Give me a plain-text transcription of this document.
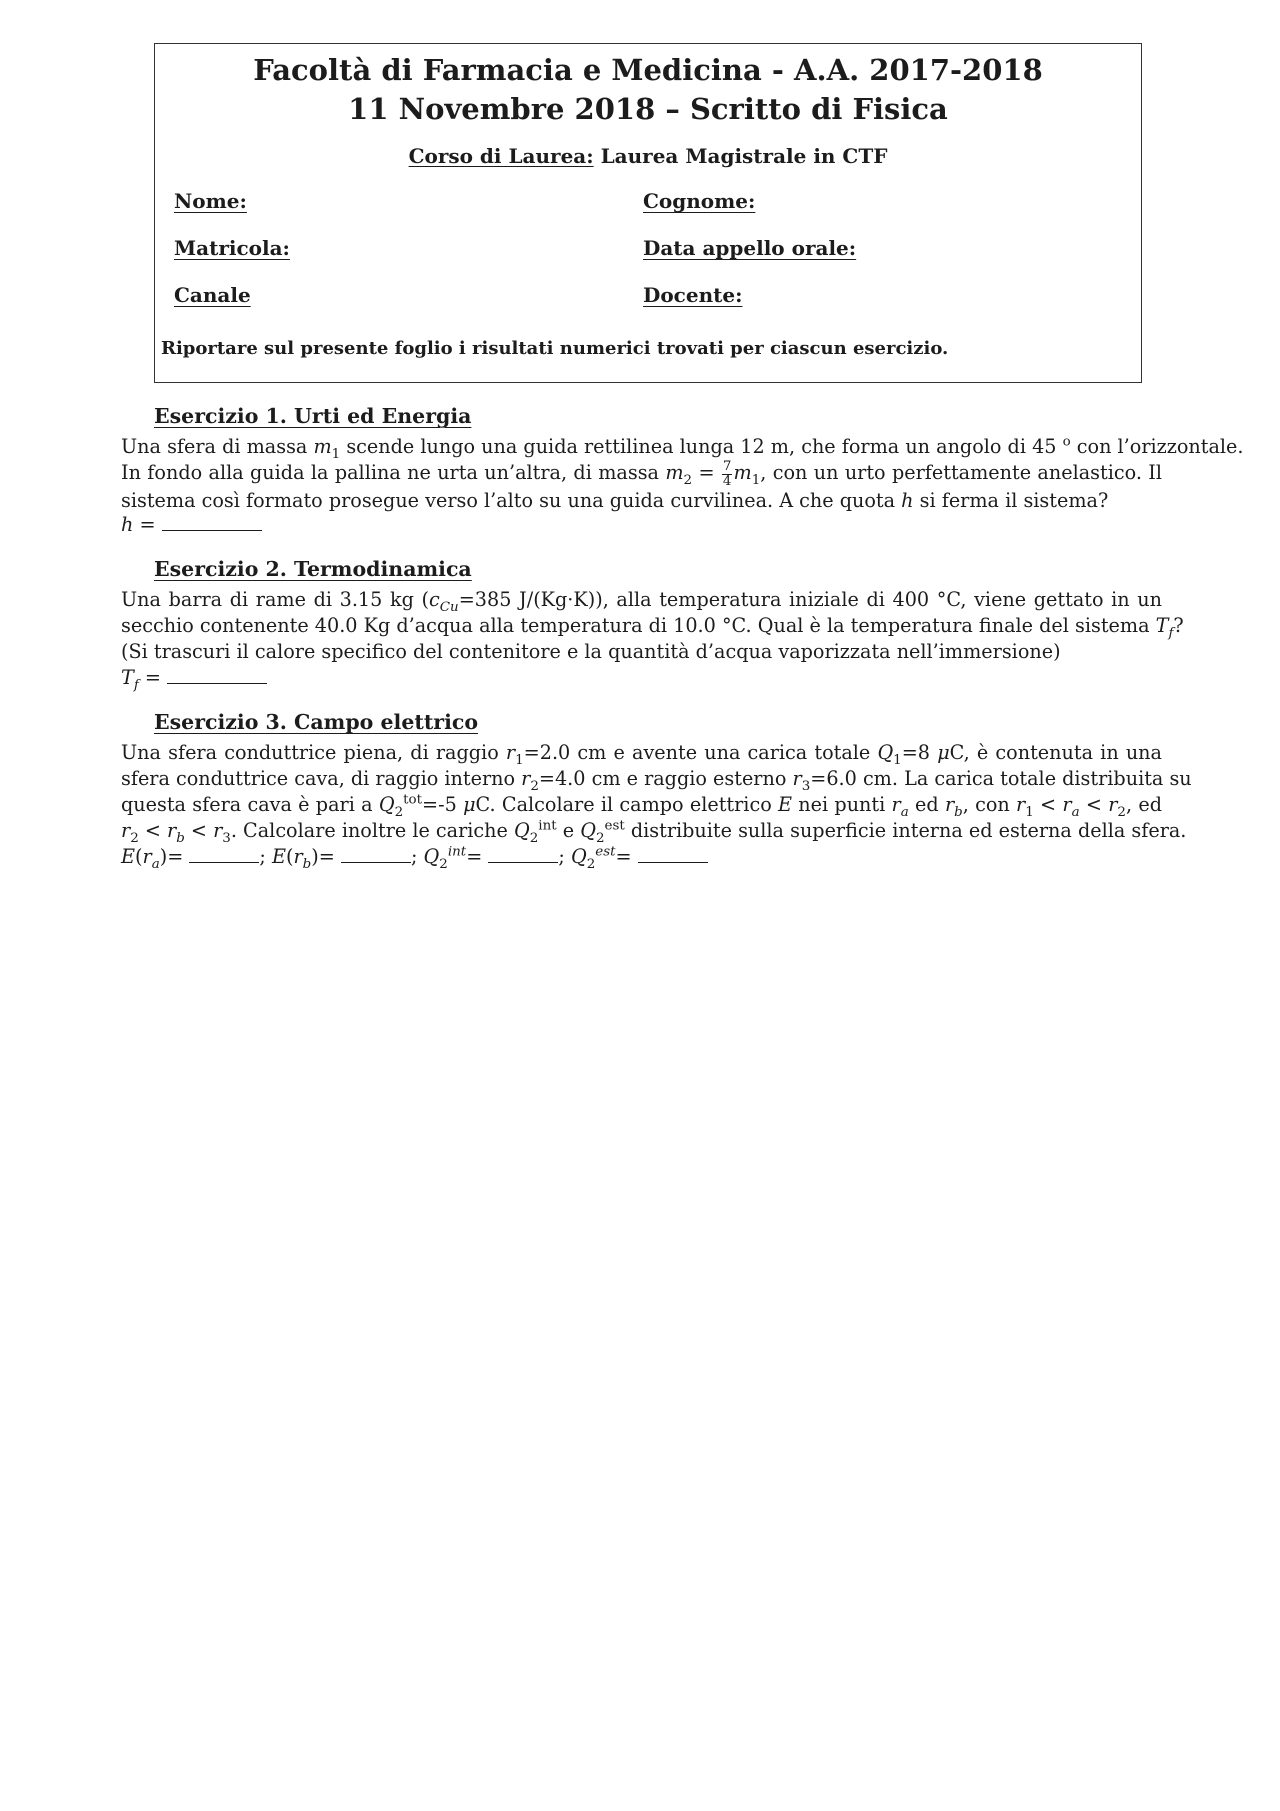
Facoltà di Farmacia e Medicina - A.A. 2017-2018
11 Novembre 2018 – Scritto di Fisica
Corso di Laurea: Laurea Magistrale in CTF
Nome:	Cognome:
Matricola:	Data appello orale:
Canale	Docente:
Riportare sul presente foglio i risultati numerici trovati per ciascun esercizio.
Esercizio 1. Urti ed Energia
Una sfera di massa $m_1$ scende lungo una guida rettilinea lunga 12 m, che forma un angolo di 45 $^o$ con l’orizzontale.
In fondo alla guida la pallina ne urta un’altra, di massa $m_2 = \frac{7}{4} m_1$, con un urto perfettamente anelastico. Il
sistema così formato prosegue verso l’alto su una guida curvilinea. A che quota h si ferma il sistema?
h =
Esercizio 2. Termodinamica
Una barra di rame di 3.15 kg ($c_{Cu}=385$ J/(Kg·K)), alla temperatura iniziale di 400 °C, viene gettato in un
secchio contenente 40.0 Kg d’acqua alla temperatura di 10.0 °C. Qual è la temperatura finale del sistema $T_f$?
(Si trascuri il calore specifico del contenitore e la quantità d’acqua vaporizzata nell’immersione)
$T_f$ =
Esercizio 3. Campo elettrico
Una sfera conduttrice piena, di raggio $r_1=2.0$ cm e avente una carica totale $Q_1=8$ μC, è contenuta in una
sfera conduttrice cava, di raggio interno $r_2=4.0$ cm e raggio esterno $r_3=6.0$ cm. La carica totale distribuita su
questa sfera cava è pari a $Q_2^{tot}=-5$ μC. Calcolare il campo elettrico E nei punti $r_a$ ed $r_b$, con $r_1 < r_a < r_2$, ed
$r_2 < r_b < r_3$. Calcolare inoltre le cariche $Q_2^{int}$ e $Q_2^{est}$ distribuite sulla superficie interna ed esterna della sfera.
$E(r_a)=$	; $E(r_b)=$	; $Q_2^{int}=$	; $Q_2^{est}=$
